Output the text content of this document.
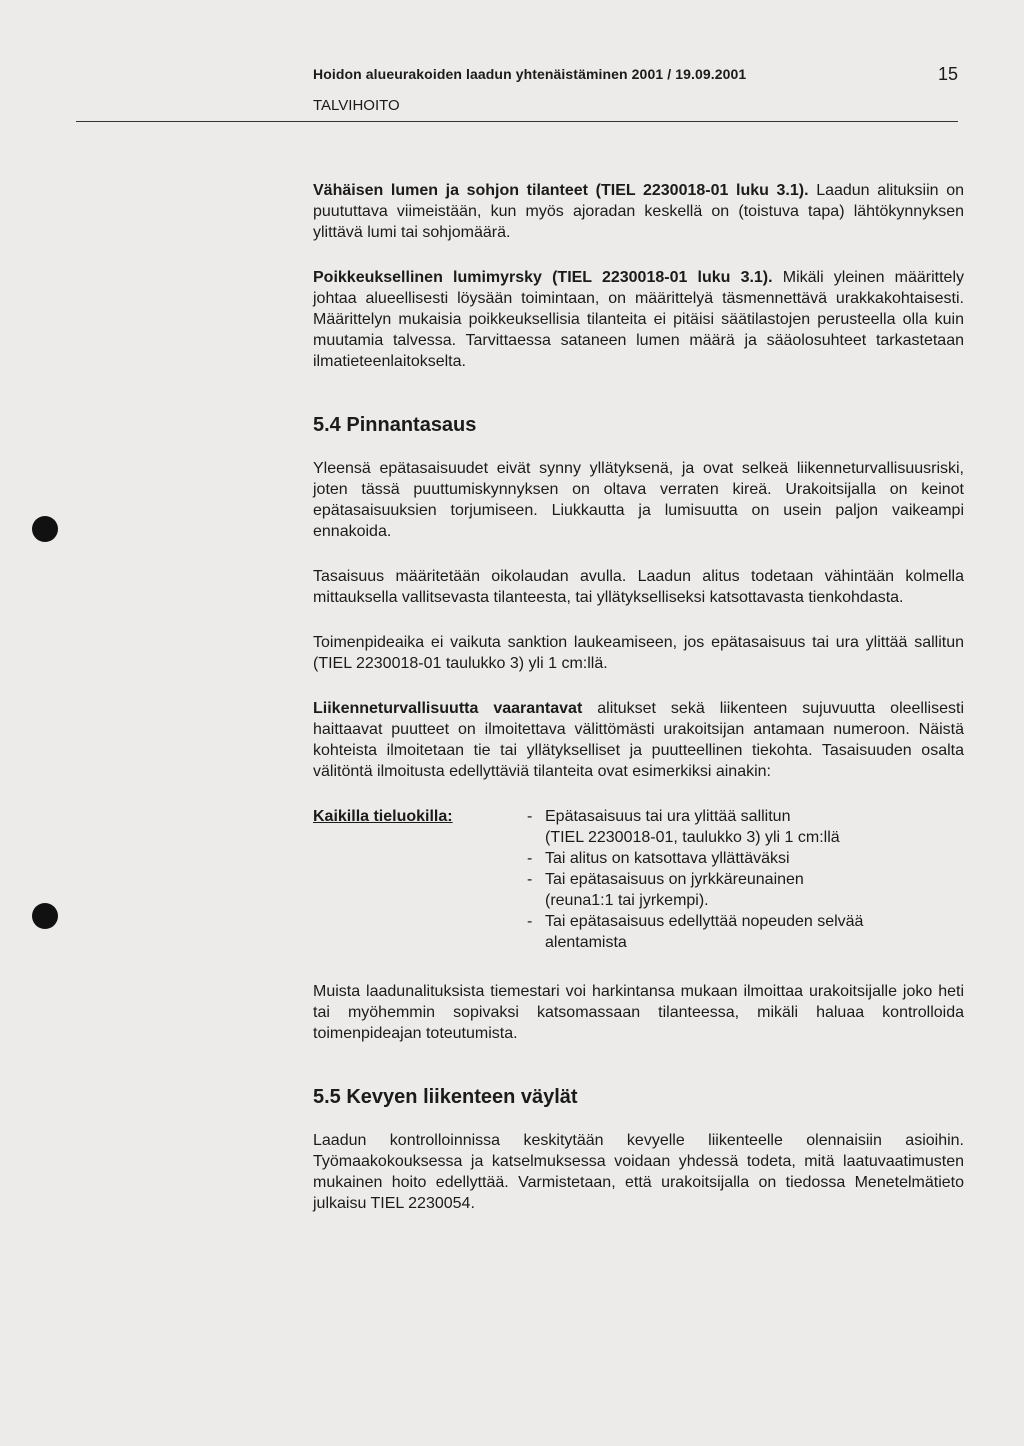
Hoidon alueurakoiden laadun yhtenäistäminen 2001 / 19.09.2001	15
TALVIHOITO

Vähäisen lumen ja sohjon tilanteet (TIEL 2230018-01 luku 3.1). Laadun alituksiin on puututtava viimeistään, kun myös ajoradan keskellä on (toistuva tapa) lähtökynnyksen ylittävä lumi tai sohjomäärä.

Poikkeuksellinen lumimyrsky (TIEL 2230018-01 luku 3.1). Mikäli yleinen määrittely johtaa alueellisesti löysään toimintaan, on määrittelyä täsmennettävä urakkakohtaisesti. Määrittelyn mukaisia poikkeuksellisia tilanteita ei pitäisi säätilastojen perusteella olla kuin muutamia talvessa. Tarvittaessa sataneen lumen määrä ja sääolosuhteet tarkastetaan ilmatieteenlaitokselta.

5.4 Pinnantasaus

Yleensä epätasaisuudet eivät synny yllätyksenä, ja ovat selkeä liikenneturvallisuusriski, joten tässä puuttumiskynnyksen on oltava verraten kireä. Urakoitsijalla on keinot epätasaisuuksien torjumiseen. Liukkautta ja lumisuutta on usein paljon vaikeampi ennakoida.

Tasaisuus määritetään oikolaudan avulla. Laadun alitus todetaan vähintään kolmella mittauksella vallitsevasta tilanteesta, tai yllätykselliseksi katsottavasta tienkohdasta.

Toimenpideaika ei vaikuta sanktion laukeamiseen, jos epätasaisuus tai ura ylittää sallitun (TIEL 2230018-01 taulukko 3) yli 1 cm:llä.

Liikenneturvallisuutta vaarantavat alitukset sekä liikenteen sujuvuutta oleellisesti haittaavat puutteet on ilmoitettava välittömästi urakoitsijan antamaan numeroon. Näistä kohteista ilmoitetaan tie tai yllätykselliset ja puutteellinen tiekohta. Tasaisuuden osalta välitöntä ilmoitusta edellyttäviä tilanteita ovat esimerkiksi ainakin:

Kaikilla tieluokilla:	- Epätasaisuus tai ura ylittää sallitun
(TIEL 2230018-01, taulukko 3) yli 1 cm:llä
- Tai alitus on katsottava yllättäväksi
- Tai epätasaisuus on jyrkkäreunainen
(reuna1:1 tai jyrkempi).
- Tai epätasaisuus edellyttää nopeuden selvää
alentamista

Muista laadunalituksista tiemestari voi harkintansa mukaan ilmoittaa urakoitsijalle joko heti tai myöhemmin sopivaksi katsomassaan tilanteessa, mikäli haluaa kontrolloida toimenpideajan toteutumista.

5.5 Kevyen liikenteen väylät

Laadun kontrolloinnissa keskitytään kevyelle liikenteelle olennaisiin asioihin. Työmaakokouksessa ja katselmuksessa voidaan yhdessä todeta, mitä laatuvaatimusten mukainen hoito edellyttää. Varmistetaan, että urakoitsijalla on tiedossa Menetelmätieto julkaisu TIEL 2230054.
